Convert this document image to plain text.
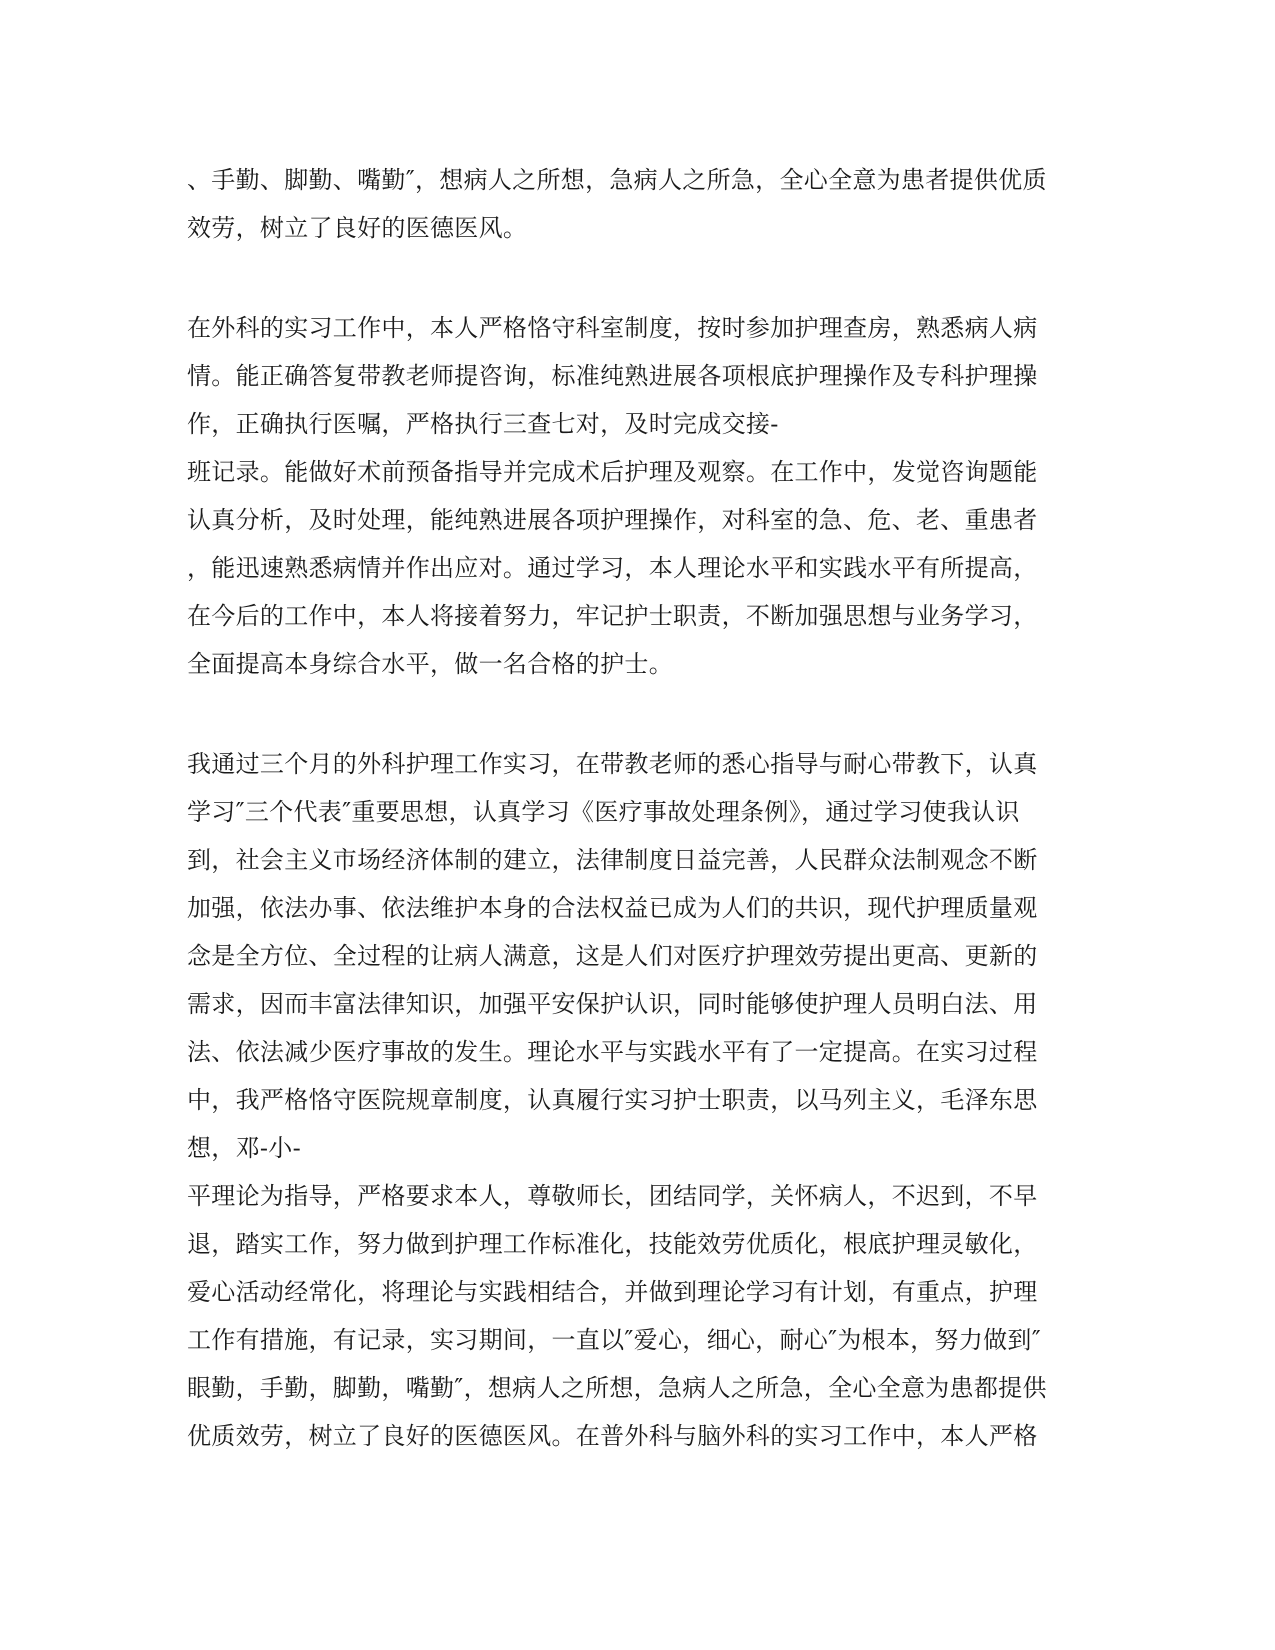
、手勤、脚勤、嘴勤″，想病人之所想，急病人之所急，全心全意为患者提供优质
效劳，树立了良好的医德医风。
在外科的实习工作中，本人严格恪守科室制度，按时参加护理查房，熟悉病人病
情。能正确答复带教老师提咨询，标准纯熟进展各项根底护理操作及专科护理操
作，正确执行医嘱，严格执行三查七对，及时完成交接-
班记录。能做好术前预备指导并完成术后护理及观察。在工作中，发觉咨询题能
认真分析，及时处理，能纯熟进展各项护理操作，对科室的急、危、老、重患者
，能迅速熟悉病情并作出应对。通过学习，本人理论水平和实践水平有所提高，
在今后的工作中，本人将接着努力，牢记护士职责，不断加强思想与业务学习，
全面提高本身综合水平，做一名合格的护士。
我通过三个月的外科护理工作实习，在带教老师的悉心指导与耐心带教下，认真
学习″三个代表″重要思想，认真学习《医疗事故处理条例》，通过学习使我认识
到，社会主义市场经济体制的建立，法律制度日益完善，人民群众法制观念不断
加强，依法办事、依法维护本身的合法权益已成为人们的共识，现代护理质量观
念是全方位、全过程的让病人满意，这是人们对医疗护理效劳提出更高、更新的
需求，因而丰富法律知识，加强平安保护认识，同时能够使护理人员明白法、用
法、依法减少医疗事故的发生。理论水平与实践水平有了一定提高。在实习过程
中，我严格恪守医院规章制度，认真履行实习护士职责，以马列主义，毛泽东思
想，邓-小-
平理论为指导，严格要求本人，尊敬师长，团结同学，关怀病人，不迟到，不早
退，踏实工作，努力做到护理工作标准化，技能效劳优质化，根底护理灵敏化，
爱心活动经常化，将理论与实践相结合，并做到理论学习有计划，有重点，护理
工作有措施，有记录，实习期间，一直以″爱心，细心，耐心″为根本，努力做到″
眼勤，手勤，脚勤，嘴勤″，想病人之所想，急病人之所急，全心全意为患都提供
优质效劳，树立了良好的医德医风。在普外科与脑外科的实习工作中，本人严格
